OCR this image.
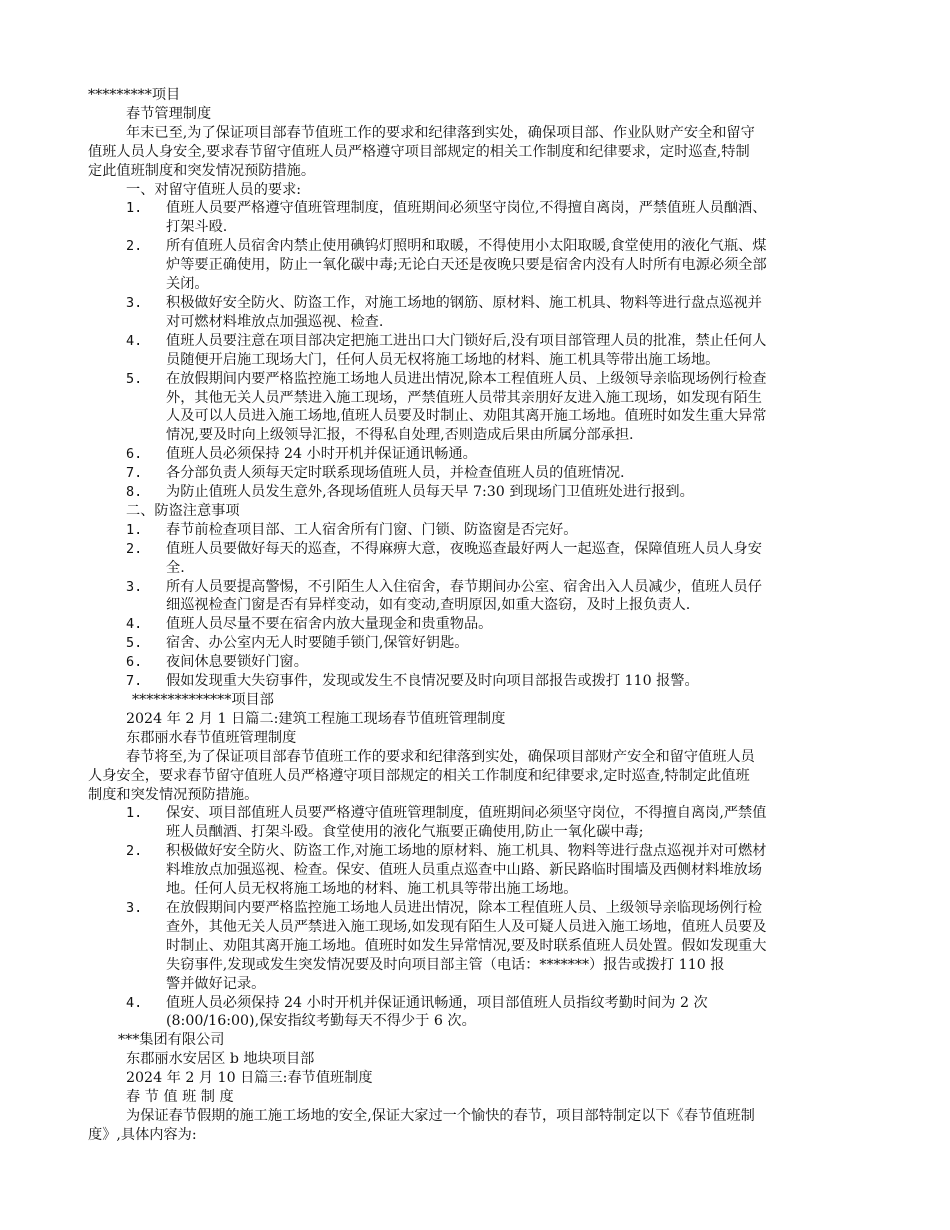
*********项目
春节管理制度
年末已至,为了保证项目部春节值班工作的要求和纪律落到实处，确保项目部、作业队财产安全和留守
值班人员人身安全,要求春节留守值班人员严格遵守项目部规定的相关工作制度和纪律要求，定时巡查,特制
定此值班制度和突发情况预防措施。
一、对留守值班人员的要求:
1. 值班人员要严格遵守值班管理制度，值班期间必须坚守岗位,不得擅自离岗，严禁值班人员酗酒、
打架斗殴.
2. 所有值班人员宿舍内禁止使用碘钨灯照明和取暖，不得使用小太阳取暖,食堂使用的液化气瓶、煤
炉等要正确使用，防止一氧化碳中毒;无论白天还是夜晚只要是宿舍内没有人时所有电源必须全部
关闭。
3. 积极做好安全防火、防盗工作，对施工场地的钢筋、原材料、施工机具、物料等进行盘点巡视并
对可燃材料堆放点加强巡视、检查.
4. 值班人员要注意在项目部决定把施工进出口大门锁好后,没有项目部管理人员的批准，禁止任何人
员随便开启施工现场大门，任何人员无权将施工场地的材料、施工机具等带出施工场地。
5. 在放假期间内要严格监控施工场地人员进出情况,除本工程值班人员、上级领导亲临现场例行检查
外，其他无关人员严禁进入施工现场，严禁值班人员带其亲朋好友进入施工现场，如发现有陌生
人及可以人员进入施工场地,值班人员要及时制止、劝阻其离开施工场地。值班时如发生重大异常
情况,要及时向上级领导汇报，不得私自处理,否则造成后果由所属分部承担.
6. 值班人员必须保持 24 小时开机并保证通讯畅通。
7. 各分部负责人须每天定时联系现场值班人员，并检查值班人员的值班情况.
8. 为防止值班人员发生意外,各现场值班人员每天早 7:30 到现场门卫值班处进行报到。
二、防盗注意事项
1. 春节前检查项目部、工人宿舍所有门窗、门锁、防盗窗是否完好。
2. 值班人员要做好每天的巡查，不得麻痹大意，夜晚巡查最好两人一起巡查，保障值班人员人身安
全.
3. 所有人员要提高警惕，不引陌生人入住宿舍，春节期间办公室、宿舍出入人员减少，值班人员仔
细巡视检查门窗是否有异样变动，如有变动,查明原因,如重大盗窃，及时上报负责人.
4. 值班人员尽量不要在宿舍内放大量现金和贵重物品。
5. 宿舍、办公室内无人时要随手锁门,保管好钥匙。
6. 夜间休息要锁好门窗。
7. 假如发现重大失窃事件，发现或发生不良情况要及时向项目部报告或拨打 110 报警。
**************项目部
2024 年 2 月 1 日篇二:建筑工程施工现场春节值班管理制度
东郡丽水春节值班管理制度
春节将至,为了保证项目部春节值班工作的要求和纪律落到实处，确保项目部财产安全和留守值班人员
人身安全，要求春节留守值班人员严格遵守项目部规定的相关工作制度和纪律要求,定时巡查,特制定此值班
制度和突发情况预防措施。
1. 保安、项目部值班人员要严格遵守值班管理制度，值班期间必须坚守岗位，不得擅自离岗,严禁值
班人员酗酒、打架斗殴。食堂使用的液化气瓶要正确使用,防止一氧化碳中毒;
2. 积极做好安全防火、防盗工作,对施工场地的原材料、施工机具、物料等进行盘点巡视并对可燃材
料堆放点加强巡视、检查。保安、值班人员重点巡查中山路、新民路临时围墙及西侧材料堆放场
地。任何人员无权将施工场地的材料、施工机具等带出施工场地。
3. 在放假期间内要严格监控施工场地人员进出情况，除本工程值班人员、上级领导亲临现场例行检
查外，其他无关人员严禁进入施工现场,如发现有陌生人及可疑人员进入施工场地，值班人员要及
时制止、劝阻其离开施工场地。值班时如发生异常情况,要及时联系值班人员处置。假如发现重大
失窃事件,发现或发生突发情况要及时向项目部主管（电话：*******）报告或拨打 110 报
警并做好记录。
4. 值班人员必须保持 24 小时开机并保证通讯畅通，项目部值班人员指纹考勤时间为 2 次
(8:00/16:00),保安指纹考勤每天不得少于 6 次。
***集团有限公司
东郡丽水安居区 b 地块项目部
2024 年 2 月 10 日篇三:春节值班制度
春 节 值 班 制 度
为保证春节假期的施工施工场地的安全,保证大家过一个愉快的春节，项目部特制定以下《春节值班制
度》,具体内容为:
